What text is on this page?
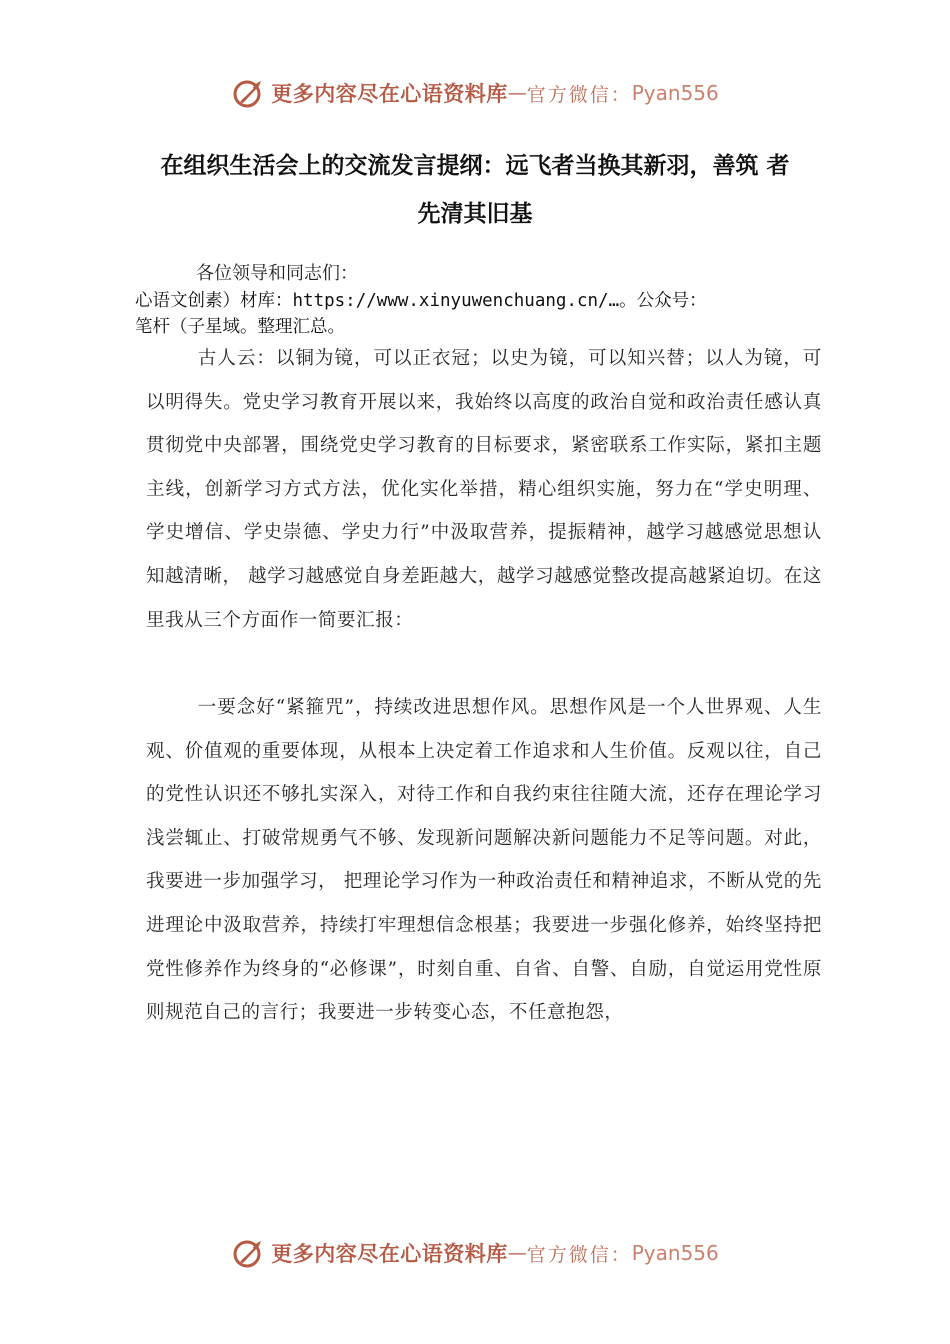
更多内容尽在心语资料库 — 官方微信： Pyan556
在组织生活会上的交流发言提纲：远飞者当换其新羽，善筑 者
先清其旧基
各位领导和同志们：
心语文创素）材库：https://www.xinyuwenchuang.cn/…。公众号：
笔杆（子星域。整理汇总。

古人云：以铜为镜，可以正衣冠；以史为镜，可以知兴替；以人为镜，可以明得失。党史学习教育开展以来，我始终以高度的政治自觉和政治责任感认真贯彻党中央部署，围绕党史学习教育的目标要求，紧密联系工作实际，紧扣主题主线，创新学习方式方法，优化实化举措，精心组织实施，努力在“学史明理、学史增信、学史崇德、学史力行”中汲取营养，提振精神，越学习越感觉思想认知越清晰， 越学习越感觉自身差距越大，越学习越感觉整改提高越紧迫切。在这里我从三个方面作一简要汇报：

一要念好“紧箍咒”，持续改进思想作风。思想作风是一个人世界观、人生观、价值观的重要体现，从根本上决定着工作追求和人生价值。反观以往，自己的党性认识还不够扎实深入，对待工作和自我约束往往随大流，还存在理论学习浅尝辄止、打破常规勇气不够、发现新问题解决新问题能力不足等问题。对此，我要进一步加强学习， 把理论学习作为一种政治责任和精神追求，不断从党的先进理论中汲取营养，持续打牢理想信念根基；我要进一步强化修养，始终坚持把党性修养作为终身的“必修课”，时刻自重、自省、自警、自励，自觉运用党性原则规范自己的言行；我要进一步转变心态，不任意抱怨，

更多内容尽在心语资料库 — 官方微信： Pyan556
